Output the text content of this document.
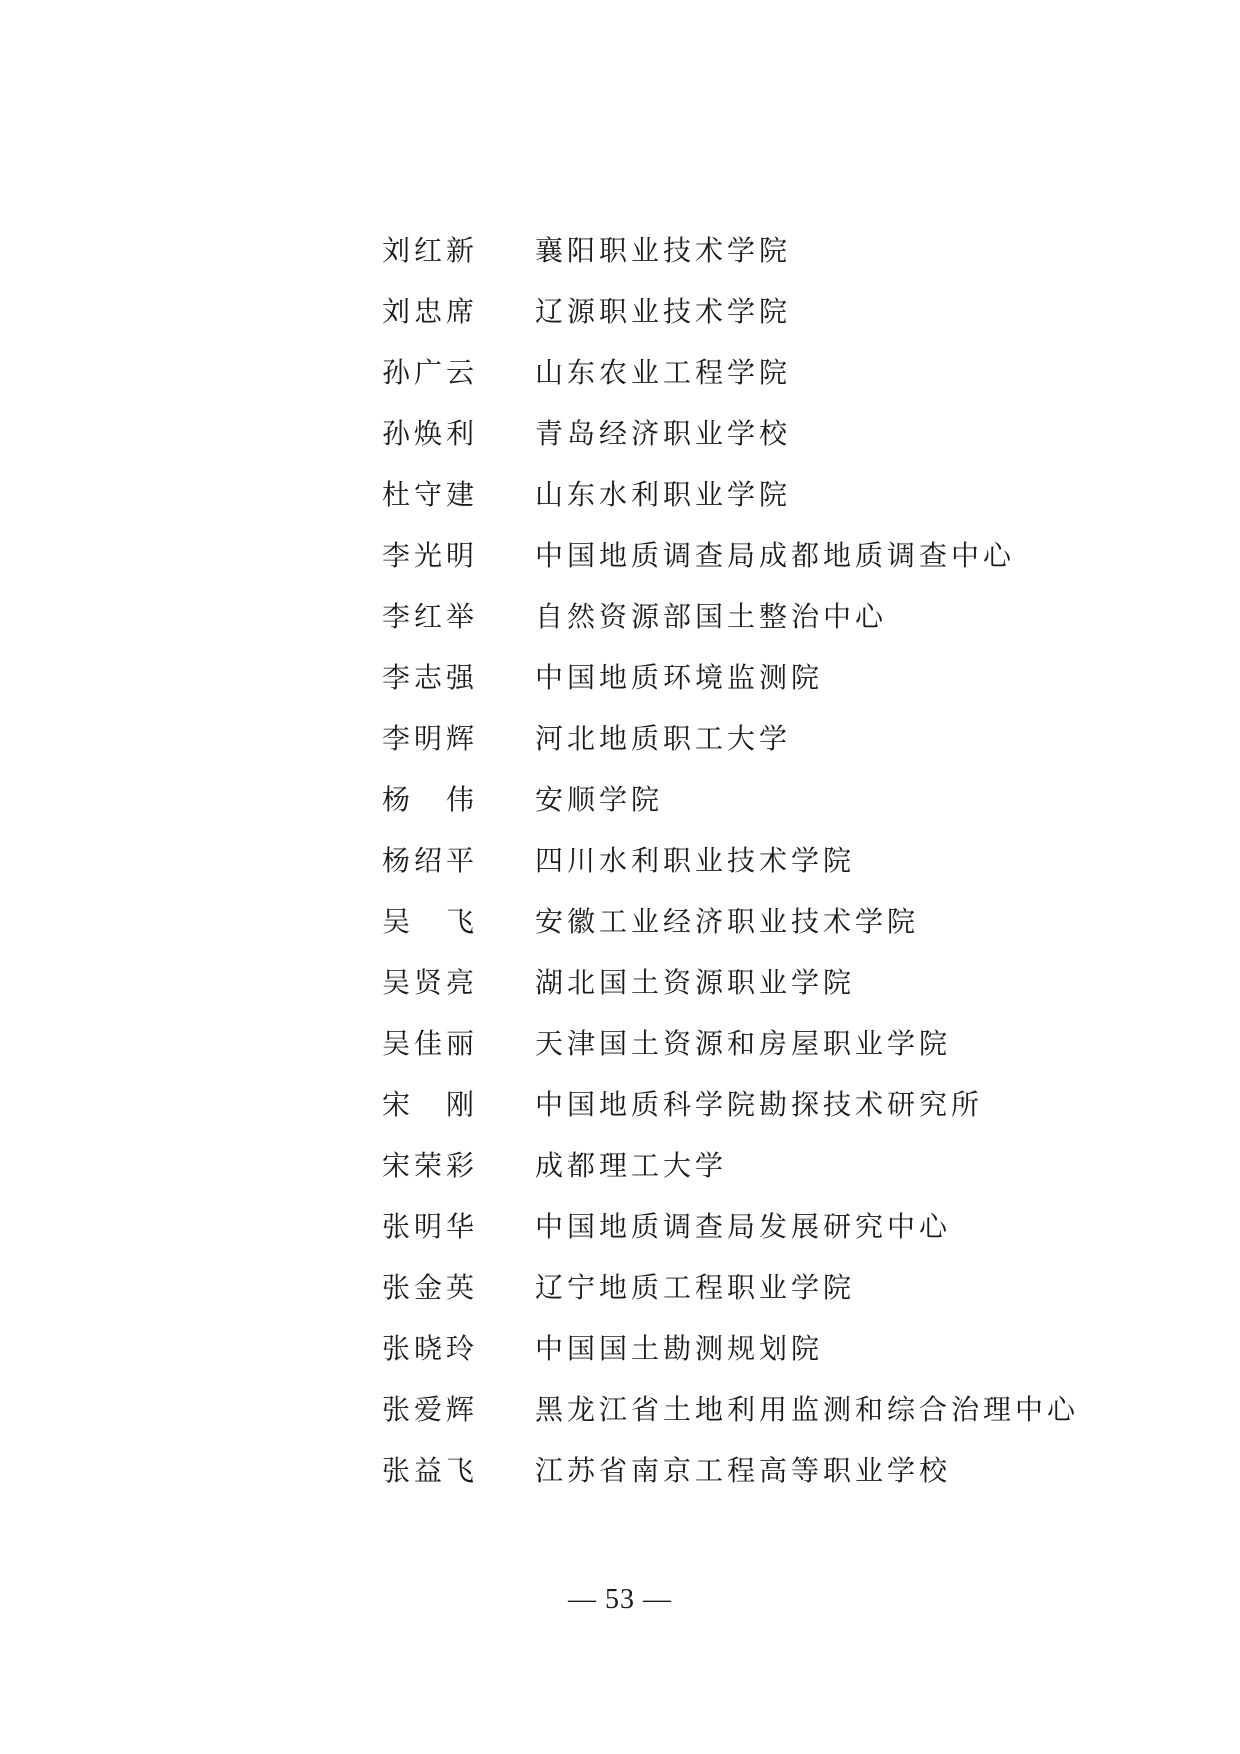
刘红新	襄阳职业技术学院
刘忠席	辽源职业技术学院
孙广云	山东农业工程学院
孙焕利	青岛经济职业学校
杜守建	山东水利职业学院
李光明	中国地质调查局成都地质调查中心
李红举	自然资源部国土整治中心
李志强	中国地质环境监测院
李明辉	河北地质职工大学
杨　伟	安顺学院
杨绍平	四川水利职业技术学院
吴　飞	安徽工业经济职业技术学院
吴贤亮	湖北国土资源职业学院
吴佳丽	天津国土资源和房屋职业学院
宋　刚	中国地质科学院勘探技术研究所
宋荣彩	成都理工大学
张明华	中国地质调查局发展研究中心
张金英	辽宁地质工程职业学院
张晓玲	中国国土勘测规划院
张爱辉	黑龙江省土地利用监测和综合治理中心
张益飞	江苏省南京工程高等职业学校
— 53 —
